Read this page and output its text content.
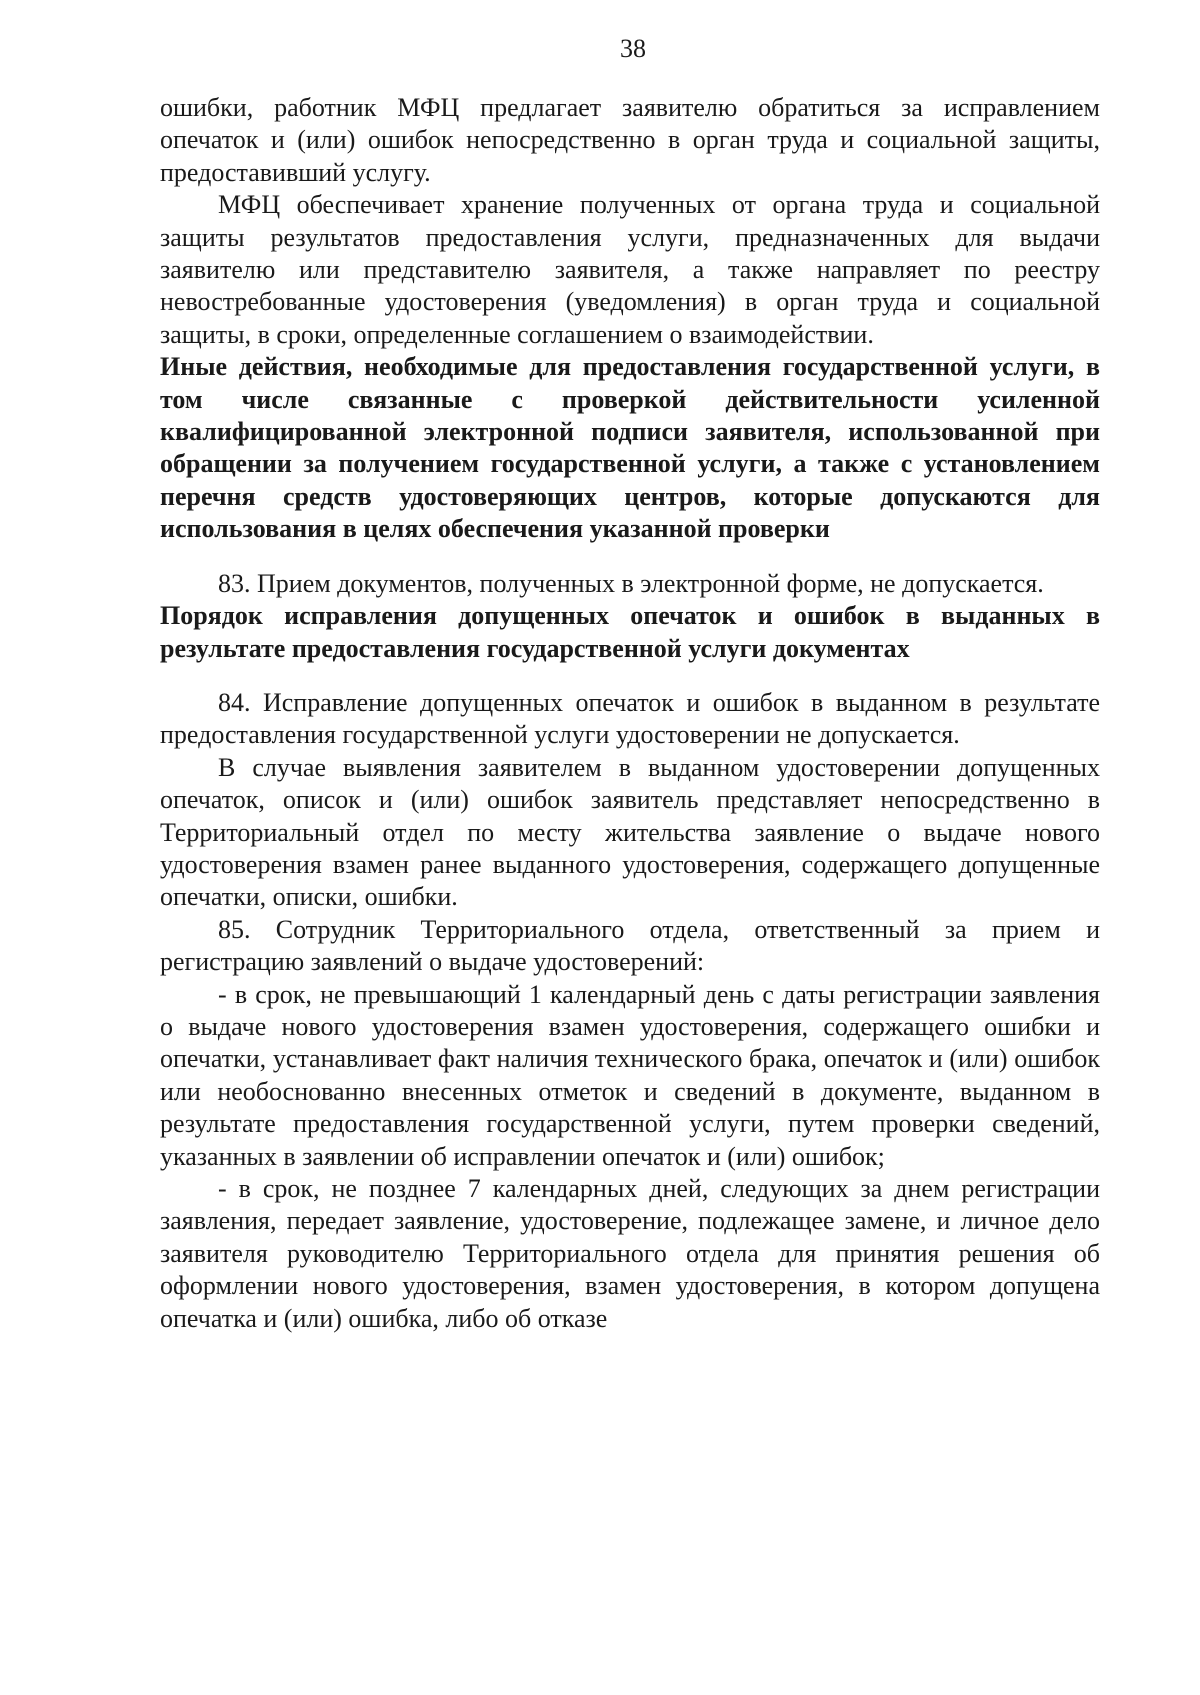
38

ошибки, работник МФЦ предлагает заявителю обратиться за исправлением опечаток и (или) ошибок непосредственно в орган труда и социальной защиты, предоставивший услугу.

МФЦ обеспечивает хранение полученных от органа труда и социальной защиты результатов предоставления услуги, предназначенных для выдачи заявителю или представителю заявителя, а также направляет по реестру невостребованные удостоверения (уведомления) в орган труда и социальной защиты, в сроки, определенные соглашением о взаимодействии.

Иные действия, необходимые для предоставления государственной услуги, в том числе связанные с проверкой действительности усиленной квалифицированной электронной подписи заявителя, использованной при обращении за получением государственной услуги, а также с установлением перечня средств удостоверяющих центров, которые допускаются для использования в целях обеспечения указанной проверки

83. Прием документов, полученных в электронной форме, не допускается.

Порядок исправления допущенных опечаток и ошибок в выданных в результате предоставления государственной услуги документах

84. Исправление допущенных опечаток и ошибок в выданном в результате предоставления государственной услуги удостоверении не допускается.

В случае выявления заявителем в выданном удостоверении допущенных опечаток, описок и (или) ошибок заявитель представляет непосредственно в Территориальный отдел по месту жительства заявление о выдаче нового удостоверения взамен ранее выданного удостоверения, содержащего допущенные опечатки, описки, ошибки.

85. Сотрудник Территориального отдела, ответственный за прием и регистрацию заявлений о выдаче удостоверений:

- в срок, не превышающий 1 календарный день с даты регистрации заявления о выдаче нового удостоверения взамен удостоверения, содержащего ошибки и опечатки, устанавливает факт наличия технического брака, опечаток и (или) ошибок или необоснованно внесенных отметок и сведений в документе, выданном в результате предоставления государственной услуги, путем проверки сведений, указанных в заявлении об исправлении опечаток и (или) ошибок;

- в срок, не позднее 7 календарных дней, следующих за днем регистрации заявления, передает заявление, удостоверение, подлежащее замене, и личное дело заявителя руководителю Территориального отдела для принятия решения об оформлении нового удостоверения, взамен удостоверения, в котором допущена опечатка и (или) ошибка, либо об отказе
